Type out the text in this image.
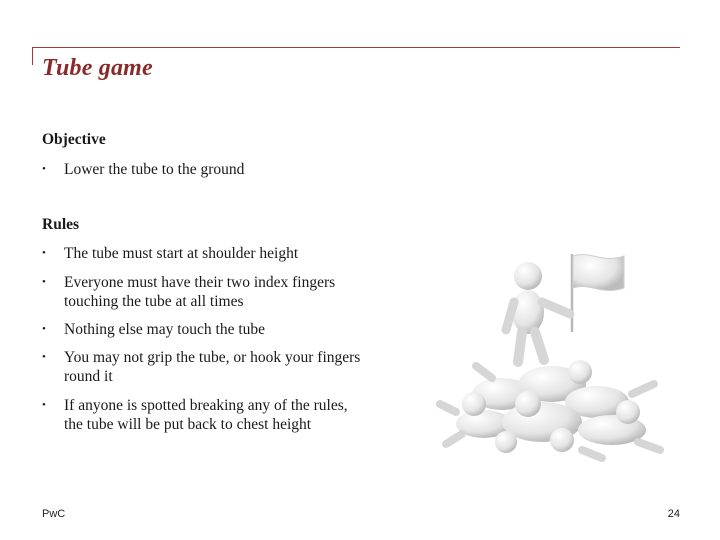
Tube game
Objective
•	Lower the tube to the ground
Rules
•	The tube must start at shoulder height
•	Everyone must have their two index fingers touching the tube at all times
•	Nothing else may touch the tube
•	You may not grip the tube, or hook your fingers round it
•	If anyone is spotted breaking any of the rules, the tube will be put back to chest height
PwC	24
